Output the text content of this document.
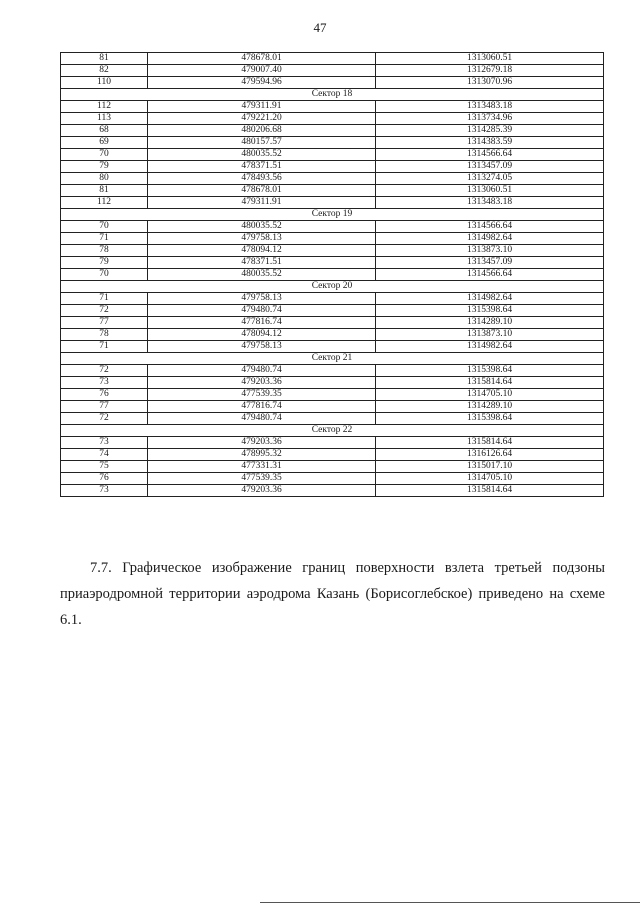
47
81	478678.01	1313060.51
82	479007.40	1312679.18
110	479594.96	1313070.96
Сектор 18		
112	479311.91	1313483.18
113	479221.20	1313734.96
68	480206.68	1314285.39
69	480157.57	1314383.59
70	480035.52	1314566.64
79	478371.51	1313457.09
80	478493.56	1313274.05
81	478678.01	1313060.51
112	479311.91	1313483.18
Сектор 19		
70	480035.52	1314566.64
71	479758.13	1314982.64
78	478094.12	1313873.10
79	478371.51	1313457.09
70	480035.52	1314566.64
Сектор 20		
71	479758.13	1314982.64
72	479480.74	1315398.64
77	477816.74	1314289.10
78	478094.12	1313873.10
71	479758.13	1314982.64
Сектор 21		
72	479480.74	1315398.64
73	479203.36	1315814.64
76	477539.35	1314705.10
77	477816.74	1314289.10
72	479480.74	1315398.64
Сектор 22		
73	479203.36	1315814.64
74	478995.32	1316126.64
75	477331.31	1315017.10
76	477539.35	1314705.10
73	479203.36	1315814.64

7.7. Графическое изображение границ поверхности взлета третьей подзоны приаэродромной территории аэродрома Казань (Борисоглебское) приведено на схеме 6.1.
